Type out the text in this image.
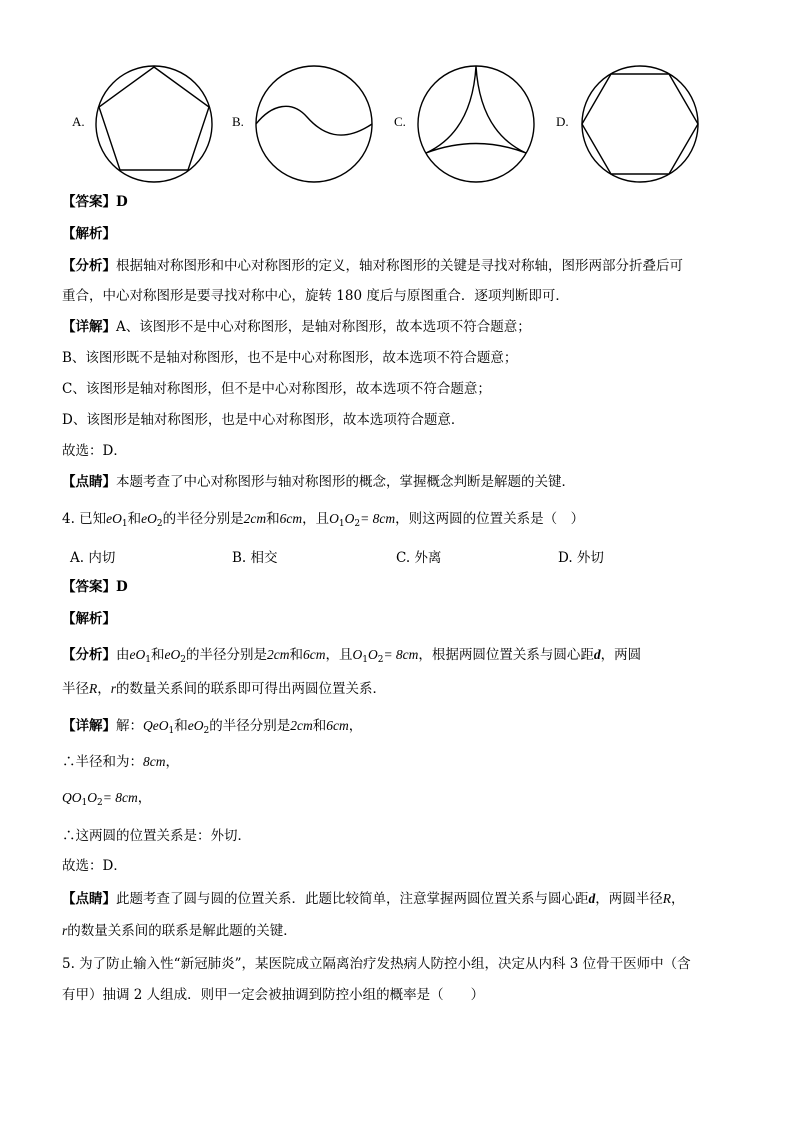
A.	B.	C.	D.
【答案】D
【解析】
【分析】根据轴对称图形和中心对称图形的定义，轴对称图形的关键是寻找对称轴，图形两部分折叠后可
重合，中心对称图形是要寻找对称中心，旋转 180 度后与原图重合．逐项判断即可．
【详解】A、该图形不是中心对称图形，是轴对称图形，故本选项不符合题意；
B、该图形既不是轴对称图形，也不是中心对称图形，故本选项不符合题意；
C、该图形是轴对称图形，但不是中心对称图形，故本选项不符合题意；
D、该图形是轴对称图形，也是中心对称图形，故本选项符合题意．
故选：D．
【点睛】本题考查了中心对称图形与轴对称图形的概念，掌握概念判断是解题的关键．
4. 已知$eO_1$和$eO_2$的半径分别是2cm和6cm，且$O_1O_2= 8cm$，则这两圆的位置关系是（　）
A. 内切	B. 相交	C. 外离	D. 外切
【答案】D
【解析】
【分析】由$eO_1$和$eO_2$的半径分别是2cm和6cm，且$O_1O_2= 8cm$，根据两圆位置关系与圆心距d，两圆
半径R，r的数量关系间的联系即可得出两圆位置关系．
【详解】解：QeO$_1$和$eO_2$的半径分别是2cm和6cm，
∴半径和为：8cm，
$QO_1O_2= 8cm$，
∴这两圆的位置关系是：外切．
故选：D．
【点睛】此题考查了圆与圆的位置关系．此题比较简单，注意掌握两圆位置关系与圆心距d，两圆半径R，
r的数量关系间的联系是解此题的关键．
5. 为了防止输入性“新冠肺炎”，某医院成立隔离治疗发热病人防控小组，决定从内科 3 位骨干医师中（含
有甲）抽调 2 人组成．则甲一定会被抽调到防控小组的概率是（　　）
